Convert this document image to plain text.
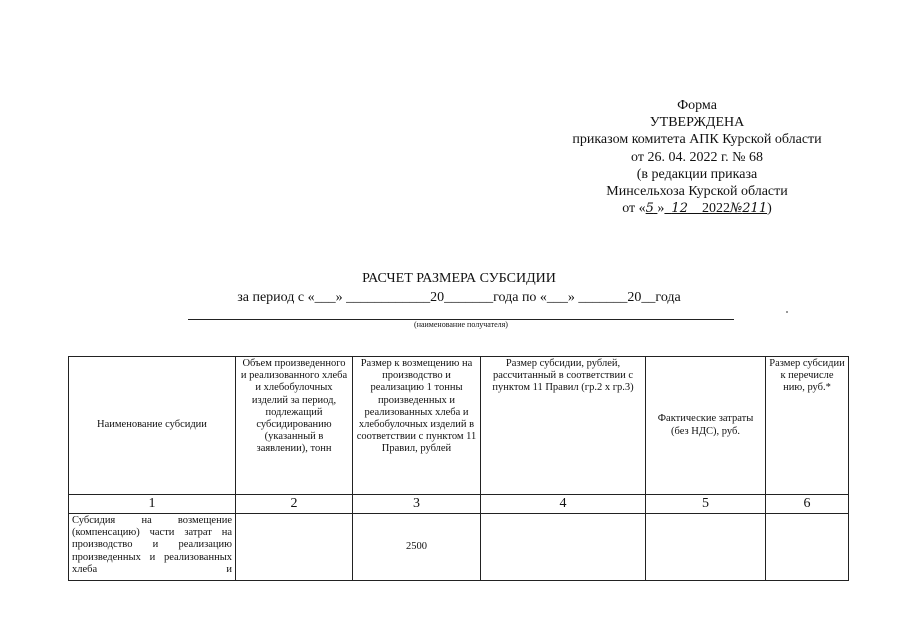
Форма
УТВЕРЖДЕНА
приказом комитета АПК Курской области
от 26. 04. 2022 г. № 68
(в редакции приказа
Минсельхоза Курской области
от «5 » 12 2022№211)
РАСЧЕТ РАЗМЕРА СУБСИДИИ
за период с «___» ____________20_______года по «___» _______20__года
(наименование получателя)
Наименование субсидии	Объем произведенного и реализованного хлеба и хлебобулочных изделий за период, подлежащий субсидированию (указанный в заявлении), тонн	Размер к возмещению на производство и реализацию 1 тонны произведенных и реализованных хлеба и хлебобулочных изделий в соответствии с пунктом 11 Правил, рублей	Размер субсидии, рублей, рассчитанный в соответствии с пунктом 11 Правил (гр.2 х гр.3)	Фактические затраты (без НДС), руб.	Размер субсидии к перечисле нию, руб.*
1	2	3	4	5	6
Субсидия на возмещение (компенсацию) части затрат на производство и реализацию произведенных и реализованных хлеба и		2500			
